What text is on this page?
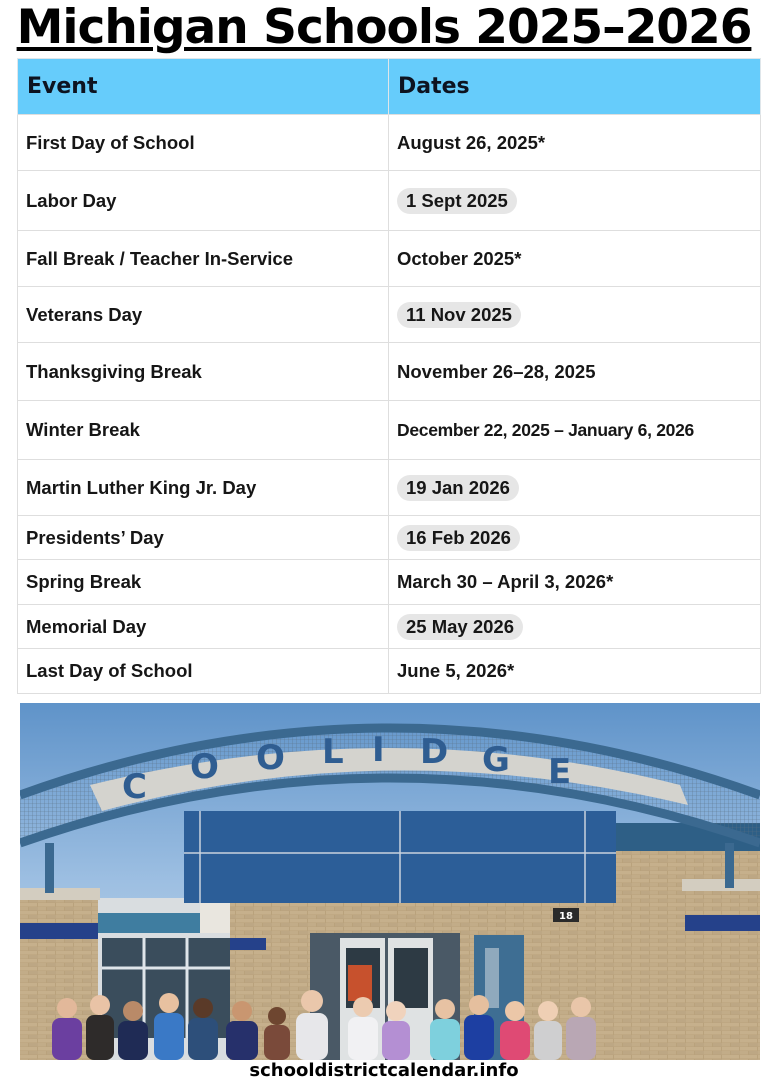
Michigan Schools 2025–2026
Event	Dates
First Day of School	August 26, 2025*
Labor Day	1 Sept 2025
Fall Break / Teacher In-Service	October 2025*
Veterans Day	11 Nov 2025
Thanksgiving Break	November 26–28, 2025
Winter Break	December 22, 2025 – January 6, 2026
Martin Luther King Jr. Day	19 Jan 2026
Presidents’ Day	16 Feb 2026
Spring Break	March 30 – April 3, 2026*
Memorial Day	25 May 2026
Last Day of School	June 5, 2026*
18
C O O L I D G E
schooldistrictcalendar.info
